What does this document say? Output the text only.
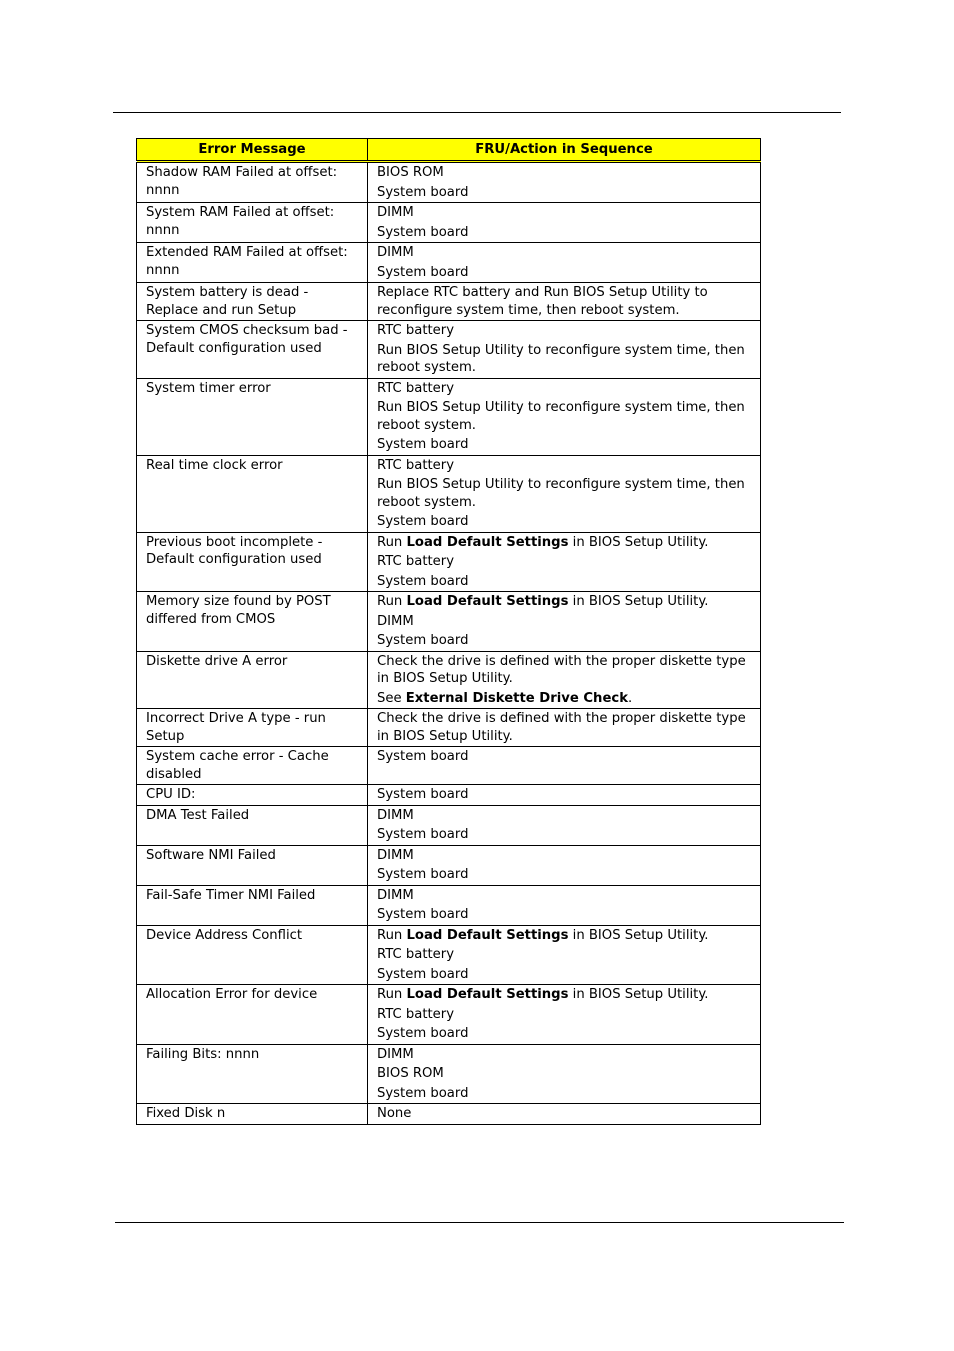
Error Message	FRU/Action in Sequence
Shadow RAM Failed at offset: nnnn	BIOS ROM
System board

System RAM Failed at offset: nnnn	DIMM
System board

Extended RAM Failed at offset: nnnn	DIMM
System board

System battery is dead - Replace and run Setup	Replace RTC battery and Run BIOS Setup Utility to reconfigure system time, then reboot system.

System CMOS checksum bad - Default configuration used	RTC battery
Run BIOS Setup Utility to reconfigure system time, then reboot system.

System timer error	RTC battery
Run BIOS Setup Utility to reconfigure system time, then reboot system.
System board

Real time clock error	RTC battery
Run BIOS Setup Utility to reconfigure system time, then reboot system.
System board

Previous boot incomplete - Default configuration used	Run Load Default Settings in BIOS Setup Utility.
RTC battery
System board

Memory size found by POST differed from CMOS	Run Load Default Settings in BIOS Setup Utility.
DIMM
System board

Diskette drive A error	Check the drive is defined with the proper diskette type in BIOS Setup Utility.
See External Diskette Drive Check.

Incorrect Drive A type - run Setup	Check the drive is defined with the proper diskette type in BIOS Setup Utility.

System cache error - Cache disabled	System board

CPU ID:	System board

DMA Test Failed	DIMM
System board

Software NMI Failed	DIMM
System board

Fail-Safe Timer NMI Failed	DIMM
System board

Device Address Conflict	Run Load Default Settings in BIOS Setup Utility.
RTC battery
System board

Allocation Error for device	Run Load Default Settings in BIOS Setup Utility.
RTC battery
System board

Failing Bits: nnnn	DIMM
BIOS ROM
System board

Fixed Disk n	None
